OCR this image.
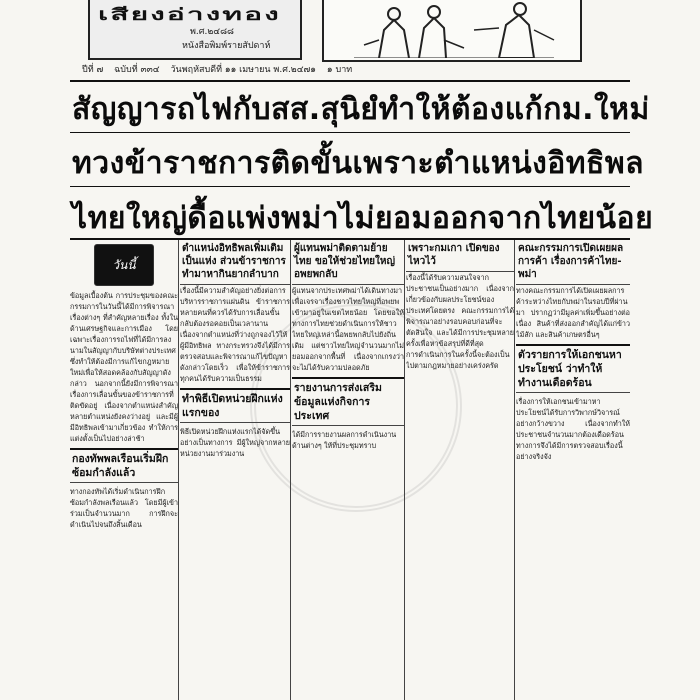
เสียงอ่างทอง
พ.ศ.๒๔๘๘
หนังสือพิมพ์รายสัปดาห์
ปีที่ ๗ ฉบับที่ ๓๓๔ วันพฤหัสบดีที่ ๑๑ เมษายน พ.ศ.๒๔๗๑ ๑ บาท
สัญญารถไฟกับสส.สุนิยํทำให้ต้องแก้กม.ใหม่
ทวงข้าราชการติดขั้นเพราะตำแหน่งอิทธิพล
ไทยใหญ่ดื้อแพ่งพม่าไม่ยอมออกจากไทยน้อย
วันนี้

ข้อมูลเบื้องต้น การประชุมของคณะกรรมการในวันนี้ได้มีการพิจารณาเรื่องต่างๆ ที่สำคัญหลายเรื่อง ทั้งในด้านเศรษฐกิจและการเมือง โดยเฉพาะเรื่องการรถไฟที่ได้มีการลงนามในสัญญากับบริษัทต่างประเทศ ซึ่งทำให้ต้องมีการแก้ไขกฎหมายใหม่เพื่อให้สอดคล้องกับสัญญาดังกล่าว นอกจากนี้ยังมีการพิจารณาเรื่องการเลื่อนขั้นของข้าราชการที่ติดขัดอยู่ เนื่องจากตำแหน่งสำคัญหลายตำแหน่งยังคงว่างอยู่ และมีผู้มีอิทธิพลเข้ามาเกี่ยวข้อง ทำให้การแต่งตั้งเป็นไปอย่างล่าช้า

กองทัพพลเรือนเริ่มฝึกซ้อมกำลังแล้ว

ทางกองทัพได้เริ่มดำเนินการฝึกซ้อมกำลังพลเรือนแล้ว โดยมีผู้เข้าร่วมเป็นจำนวนมาก การฝึกจะดำเนินไปจนถึงสิ้นเดือน

ตำแหน่งอิทธิพลเพิ่มเติมเป็นแห่ง ส่วนข้าราชการทำมาหากินยากลำบาก

เรื่องนี้มีความสำคัญอย่างยิ่งต่อการบริหารราชการแผ่นดิน ข้าราชการหลายคนที่ควรได้รับการเลื่อนขั้นกลับต้องรอคอยเป็นเวลานาน เนื่องจากตำแหน่งที่ว่างถูกจองไว้ให้ผู้มีอิทธิพล ทางกระทรวงจึงได้มีการตรวจสอบและพิจารณาแก้ไขปัญหาดังกล่าวโดยเร็ว เพื่อให้ข้าราชการทุกคนได้รับความเป็นธรรม

ทำพิธีเปิดหน่วยฝึกแห่งแรกของ

พิธีเปิดหน่วยฝึกแห่งแรกได้จัดขึ้นอย่างเป็นทางการ มีผู้ใหญ่จากหลายหน่วยงานมาร่วมงาน

ผู้แทนพม่าติดตามย้ายไทย ขอให้ช่วยไทยใหญ่อพยพกลับ

ผู้แทนจากประเทศพม่าได้เดินทางมาเพื่อเจรจาเรื่องชาวไทยใหญ่ที่อพยพเข้ามาอยู่ในเขตไทยน้อย โดยขอให้ทางการไทยช่วยดำเนินการให้ชาวไทยใหญ่เหล่านี้อพยพกลับไปยังถิ่นเดิม แต่ชาวไทยใหญ่จำนวนมากไม่ยอมออกจากพื้นที่ เนื่องจากเกรงว่าจะไม่ได้รับความปลอดภัย

รายงานการส่งเสริมข้อมูลแห่งกิจการประเทศ

ได้มีการรายงานผลการดำเนินงานด้านต่างๆ ให้ที่ประชุมทราบ

เพราะกมเกา เปิดของไหวไว้

เรื่องนี้ได้รับความสนใจจากประชาชนเป็นอย่างมาก เนื่องจากเกี่ยวข้องกับผลประโยชน์ของประเทศโดยตรง คณะกรรมการได้พิจารณาอย่างรอบคอบก่อนที่จะตัดสินใจ และได้มีการประชุมหลายครั้งเพื่อหาข้อสรุปที่ดีที่สุด

การดำเนินการในครั้งนี้จะต้องเป็นไปตามกฎหมายอย่างเคร่งครัด

คณะกรรมการเปิดเผยผลการค้า เรื่องการค้าไทย-พม่า

ทางคณะกรรมการได้เปิดเผยผลการค้าระหว่างไทยกับพม่าในรอบปีที่ผ่านมา ปรากฏว่ามีมูลค่าเพิ่มขึ้นอย่างต่อเนื่อง สินค้าที่ส่งออกสำคัญได้แก่ข้าว ไม้สัก และสินค้าเกษตรอื่นๆ

ตัวรายการให้เอกชนหาประโยชน์ ว่าทำให้ทำงานเดือดร้อน

เรื่องการให้เอกชนเข้ามาหาประโยชน์ได้รับการวิพากษ์วิจารณ์อย่างกว้างขวาง เนื่องจากทำให้ประชาชนจำนวนมากต้องเดือดร้อน ทางการจึงได้มีการตรวจสอบเรื่องนี้อย่างจริงจัง
